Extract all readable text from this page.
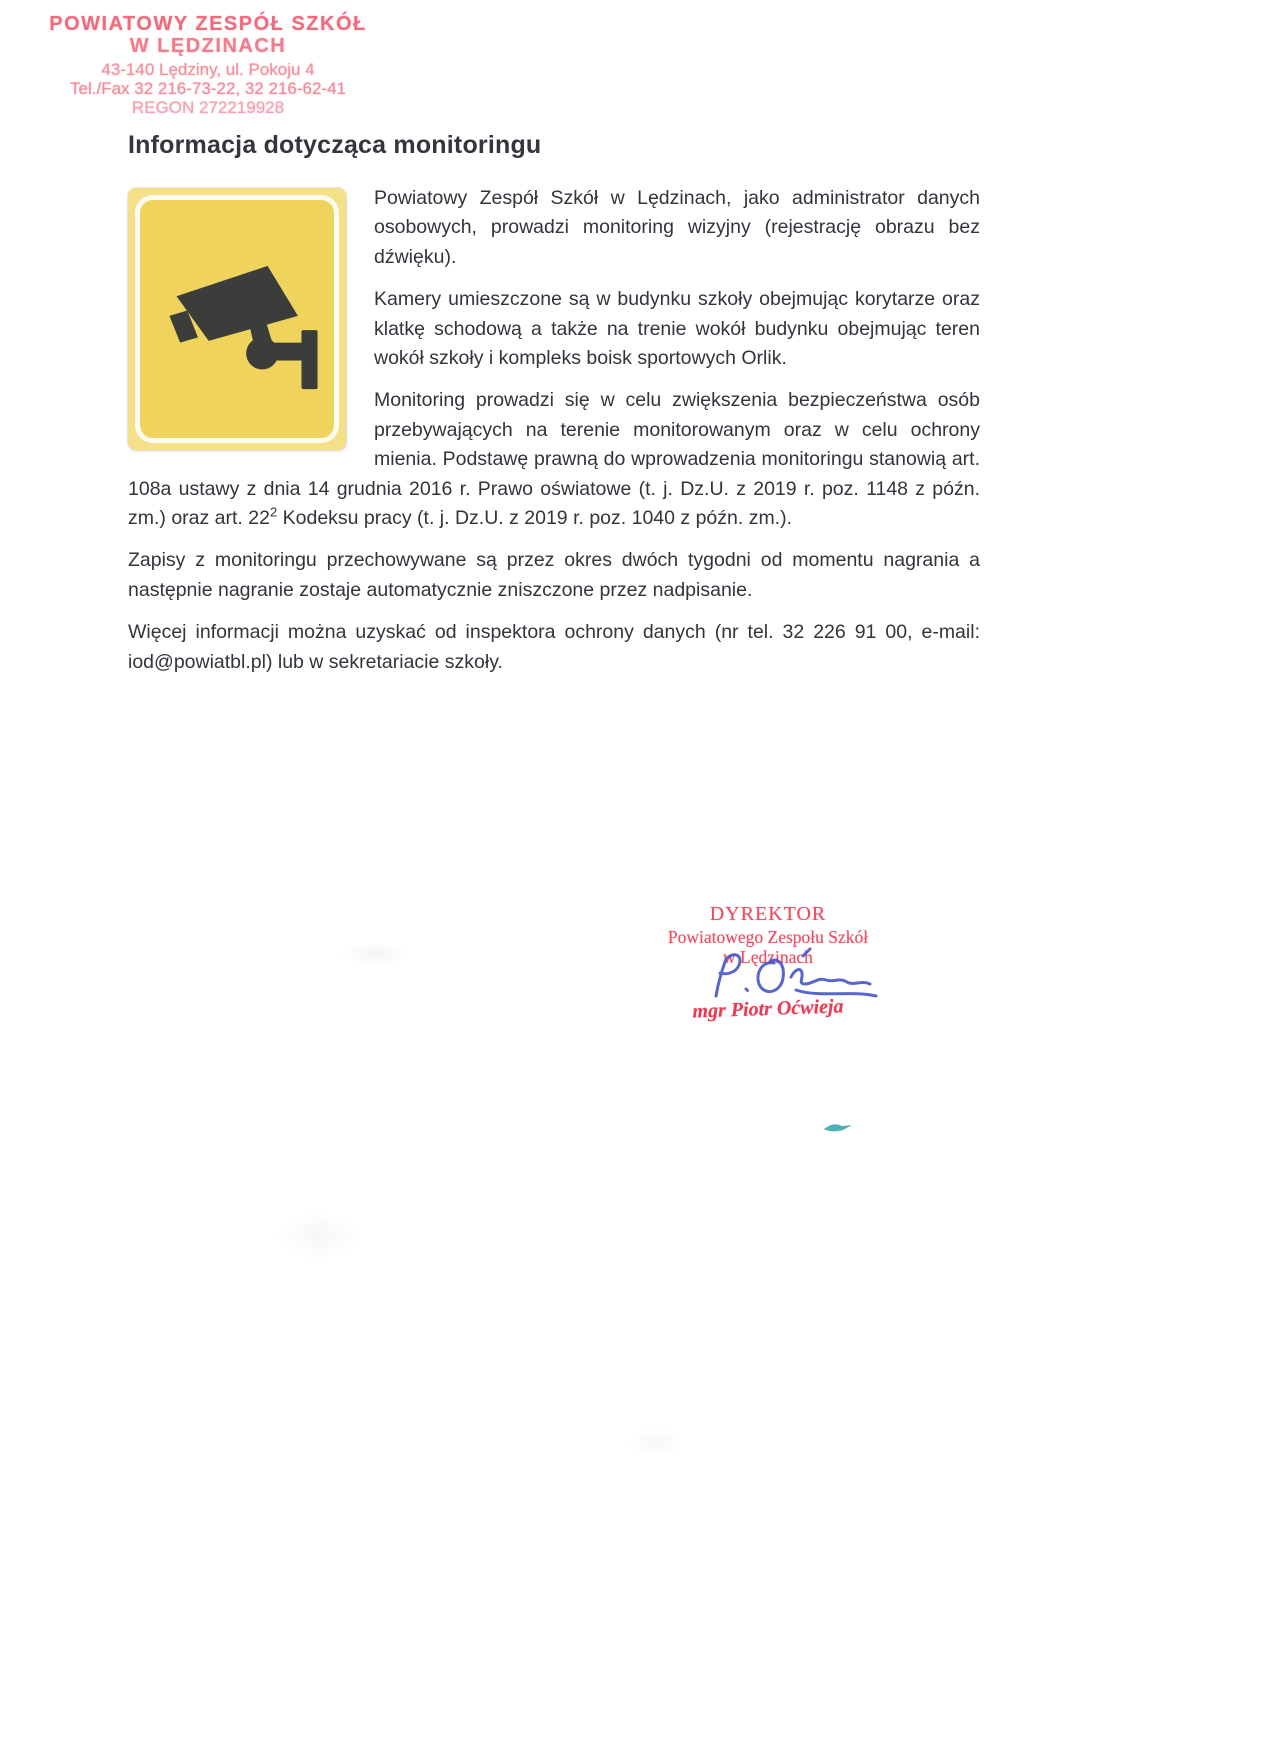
POWIATOWY ZESPÓŁ SZKÓŁ
W LĘDZINACH
43-140 Lędziny, ul. Pokoju 4
Tel./Fax 32 216-73-22, 32 216-62-41
REGON 272219928
Informacja dotycząca monitoringu

Powiatowy Zespół Szkół w Lędzinach, jako administrator danych osobowych, prowadzi monitoring wizyjny (rejestrację obrazu bez dźwięku).

Kamery umieszczone są w budynku szkoły obejmując korytarze oraz klatkę schodową a także na trenie wokół budynku obejmując teren wokół szkoły i kompleks boisk sportowych Orlik.

Monitoring prowadzi się w celu zwiększenia bezpieczeństwa osób przebywających na terenie monitorowanym oraz w celu ochrony mienia. Podstawę prawną do wprowadzenia monitoringu stanowią art. 108a ustawy z dnia 14 grudnia 2016 r. Prawo oświatowe (t. j. Dz.U. z 2019 r. poz. 1148 z późn. zm.) oraz art. $22^2$ Kodeksu pracy (t. j. Dz.U. z 2019 r. poz. 1040 z późn. zm.).

Zapisy z monitoringu przechowywane są przez okres dwóch tygodni od momentu nagrania a następnie nagranie zostaje automatycznie zniszczone przez nadpisanie.

Więcej informacji można uzyskać od inspektora ochrony danych (nr tel. 32 226 91 00, e-mail: iod@powiatbl.pl) lub w sekretariacie szkoły.

DYREKTOR
Powiatowego Zespołu Szkół
w Lędzinach
mgr Piotr Oćwieja
